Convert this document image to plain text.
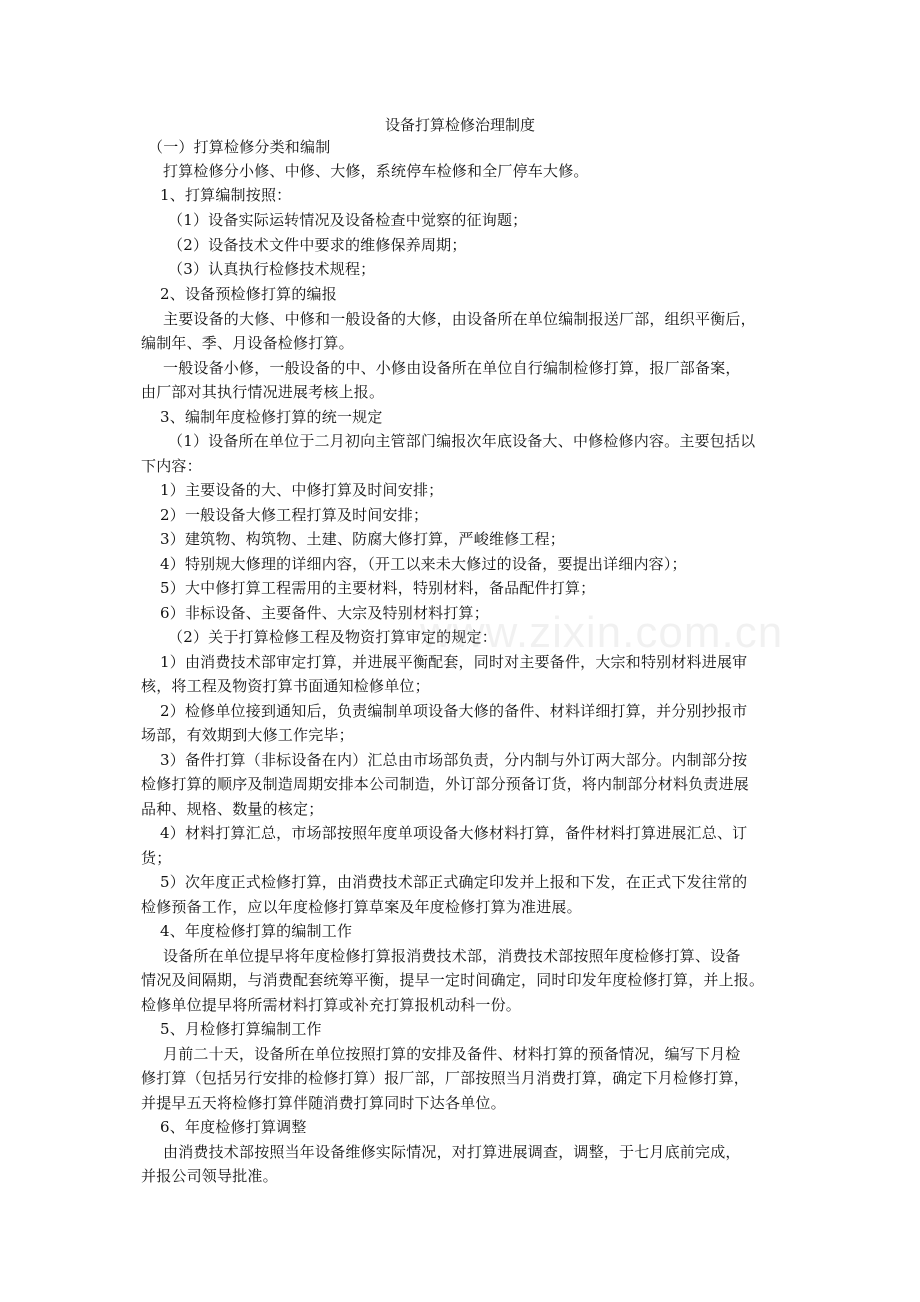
www.zixin.com.cn
设备打算检修治理制度
（一）打算检修分类和编制
打算检修分小修、中修、大修，系统停车检修和全厂停车大修。
1、打算编制按照：
（1）设备实际运转情况及设备检查中觉察的征询题；
（2）设备技术文件中要求的维修保养周期；
（3）认真执行检修技术规程；
2、设备预检修打算的编报
主要设备的大修、中修和一般设备的大修，由设备所在单位编制报送厂部，组织平衡后，
编制年、季、月设备检修打算。
一般设备小修，一般设备的中、小修由设备所在单位自行编制检修打算，报厂部备案，
由厂部对其执行情况进展考核上报。
3、编制年度检修打算的统一规定
（1）设备所在单位于二月初向主管部门编报次年底设备大、中修检修内容。主要包括以
下内容：
1）主要设备的大、中修打算及时间安排；
2）一般设备大修工程打算及时间安排；
3）建筑物、构筑物、土建、防腐大修打算，严峻维修工程；
4）特别规大修理的详细内容，（开工以来未大修过的设备，要提出详细内容）；
5）大中修打算工程需用的主要材料，特别材料，备品配件打算；
6）非标设备、主要备件、大宗及特别材料打算；
（2）关于打算检修工程及物资打算审定的规定：
1）由消费技术部审定打算，并进展平衡配套，同时对主要备件，大宗和特别材料进展审
核，将工程及物资打算书面通知检修单位；
2）检修单位接到通知后，负责编制单项设备大修的备件、材料详细打算，并分别抄报市
场部，有效期到大修工作完毕；
3）备件打算（非标设备在内）汇总由市场部负责，分内制与外订两大部分。内制部分按
检修打算的顺序及制造周期安排本公司制造，外订部分预备订货，将内制部分材料负责进展
品种、规格、数量的核定；
4）材料打算汇总，市场部按照年度单项设备大修材料打算，备件材料打算进展汇总、订
货；
5）次年度正式检修打算，由消费技术部正式确定印发并上报和下发，在正式下发往常的
检修预备工作，应以年度检修打算草案及年度检修打算为准进展。
4、年度检修打算的编制工作
设备所在单位提早将年度检修打算报消费技术部，消费技术部按照年度检修打算、设备
情况及间隔期，与消费配套统筹平衡，提早一定时间确定，同时印发年度检修打算，并上报。
检修单位提早将所需材料打算或补充打算报机动科一份。
5、月检修打算编制工作
月前二十天，设备所在单位按照打算的安排及备件、材料打算的预备情况，编写下月检
修打算（包括另行安排的检修打算）报厂部，厂部按照当月消费打算，确定下月检修打算，
并提早五天将检修打算伴随消费打算同时下达各单位。
6、年度检修打算调整
由消费技术部按照当年设备维修实际情况，对打算进展调查，调整，于七月底前完成，
并报公司领导批准。
